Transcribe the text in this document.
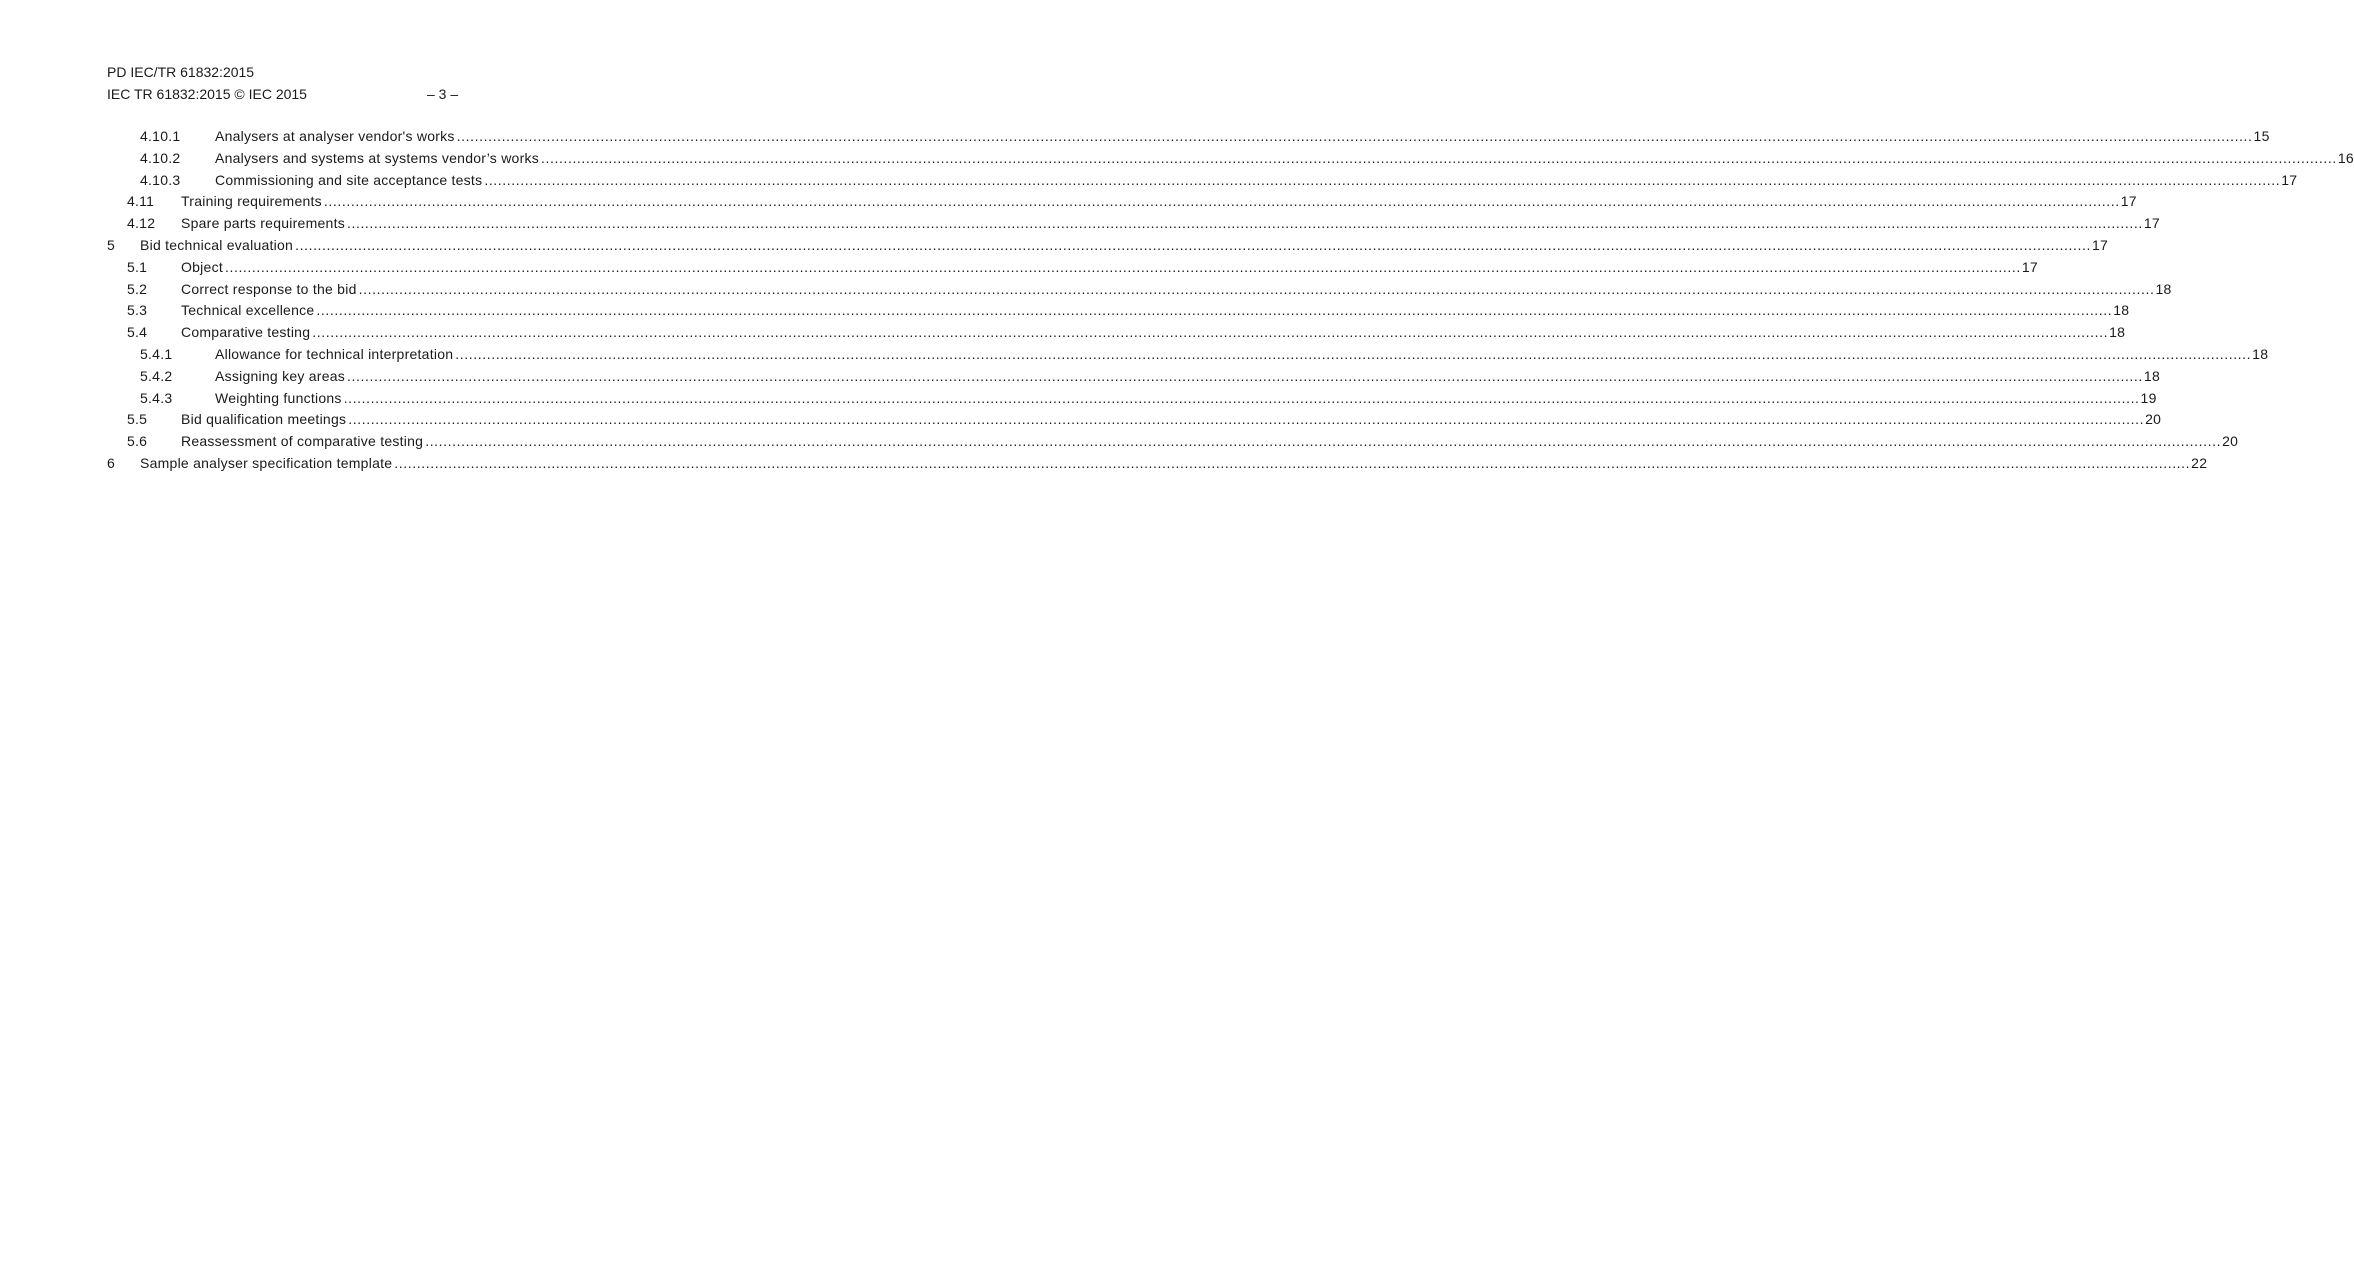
PD IEC/TR 61832:2015
IEC TR 61832:2015 © IEC 2015	– 3 –
4.10.1 Analysers at analyser vendor's works ................................................................................................................................................................................................................................................................................................................................................................................................................ 15
4.10.2 Analysers and systems at systems vendor’s works ................................................................................................................................................................................................................................................................................................................................................................................................................ 16
4.10.3 Commissioning and site acceptance tests ................................................................................................................................................................................................................................................................................................................................................................................................................ 17
4.11 Training requirements ................................................................................................................................................................................................................................................................................................................................................................................................................ 17
4.12 Spare parts requirements ................................................................................................................................................................................................................................................................................................................................................................................................................ 17
5 Bid technical evaluation ................................................................................................................................................................................................................................................................................................................................................................................................................ 17
5.1 Object ................................................................................................................................................................................................................................................................................................................................................................................................................ 17
5.2 Correct response to the bid ................................................................................................................................................................................................................................................................................................................................................................................................................ 18
5.3 Technical excellence ................................................................................................................................................................................................................................................................................................................................................................................................................ 18
5.4 Comparative testing ................................................................................................................................................................................................................................................................................................................................................................................................................ 18
5.4.1	Allowance for technical interpretation ................................................................................................................................................................................................................................................................................................................................................................................................................ 18
5.4.2	Assigning key areas ................................................................................................................................................................................................................................................................................................................................................................................................................ 18
5.4.3	Weighting functions ................................................................................................................................................................................................................................................................................................................................................................................................................ 19
5.5 Bid qualification meetings ................................................................................................................................................................................................................................................................................................................................................................................................................ 20
5.6 Reassessment of comparative testing ................................................................................................................................................................................................................................................................................................................................................................................................................ 20
6 Sample analyser specification template ................................................................................................................................................................................................................................................................................................................................................................................................................ 22
